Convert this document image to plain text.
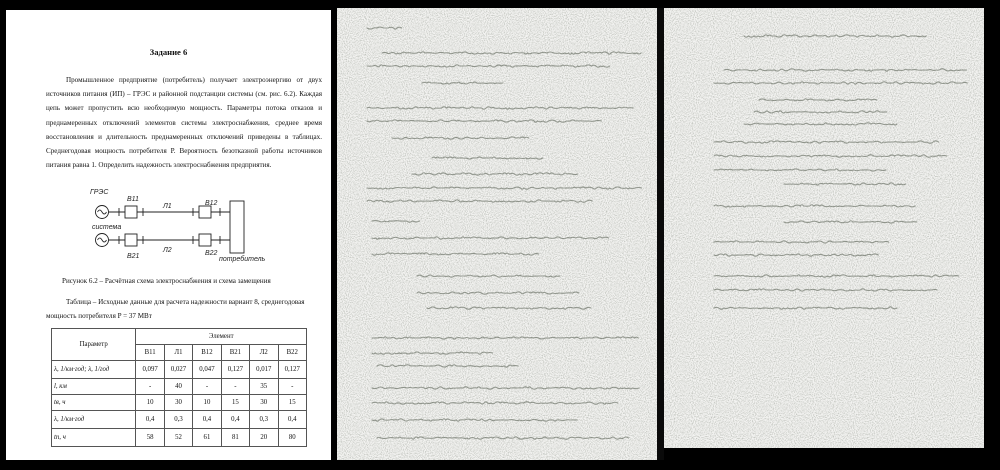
Задание 6

Промышленное предприятие (потребитель) получает электроэнергию от двух источников питания (ИП) – ГРЭС и районной подстанции системы (см. рис. 6.2). Каждая цепь может пропустить всю необходимую мощность. Параметры потока отказов и преднамеренных отключений элементов системы электроснабжения, среднее время восстановления и длительность преднамеренных отключений приведены в таблицах. Среднегодовая мощность потребителя P. Вероятность безотказной работы источников питания равна 1. Определить надежность электроснабжения предприятия.

ГРЭС
В11
Л1	В12
система
В21
Л2	В22
потребитель
Рисунок 6.2 – Расчётная схема электроснабжения и схема замещения

Таблица – Исходные данные для расчета надежности вариант 8, среднегодовая мощность потребителя P = 37 МВт

Параметр	Элемент					
	В11	Л1	В12	В21	Л2	В22
λ, 1/км·год; λ, 1/год	0,097	0,027	0,047	0,127	0,017	0,127
l, км	-	40	-	-	35	-
tв, ч	10	30	10	15	30	15
λ, 1/км·год	0,4	0,3	0,4	0,4	0,3	0,4
tп, ч	58	52	61	81	20	80
